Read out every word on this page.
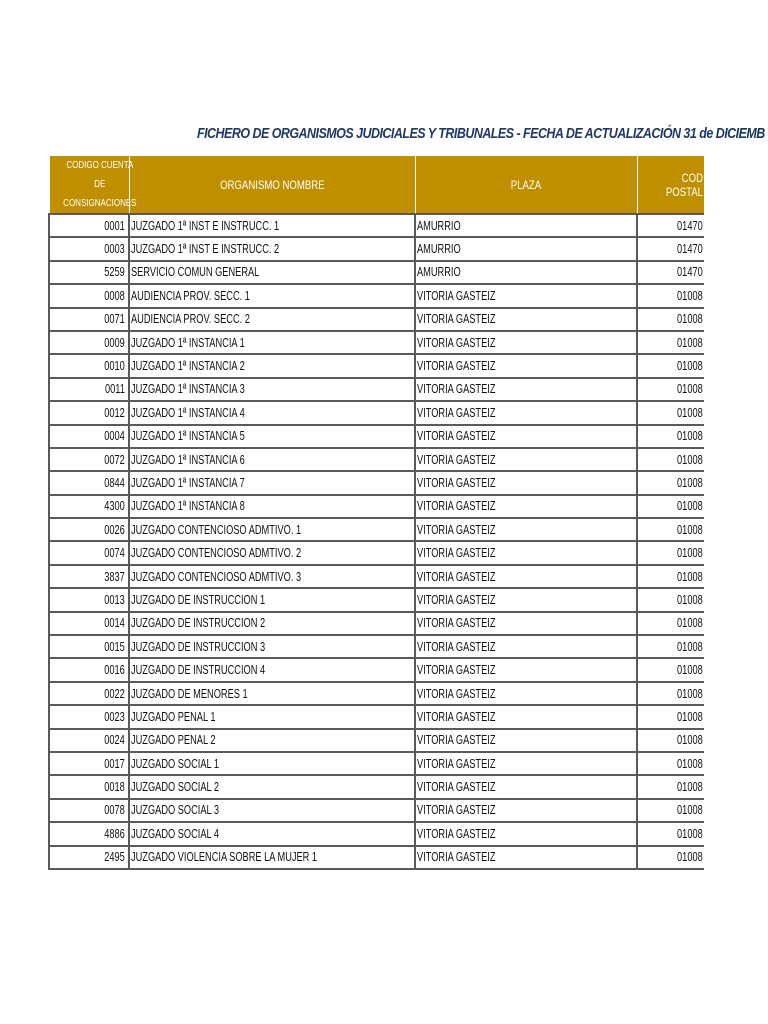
FICHERO DE ORGANISMOS JUDICIALES Y TRIBUNALES - FECHA DE ACTUALIZACIÓN 31 de DICIEMB
CODIGO CUENTA DE CONSIGNACIONES	ORGANISMO NOMBRE	PLAZA	COD POSTAL
0001	JUZGADO 1ª INST E INSTRUCC. 1	AMURRIO	01470
0003	JUZGADO 1ª INST E INSTRUCC. 2	AMURRIO	01470
5259	SERVICIO COMUN GENERAL	AMURRIO	01470
0008	AUDIENCIA PROV. SECC. 1	VITORIA GASTEIZ	01008
0071	AUDIENCIA PROV. SECC. 2	VITORIA GASTEIZ	01008
0009	JUZGADO 1ª INSTANCIA 1	VITORIA GASTEIZ	01008
0010	JUZGADO 1ª INSTANCIA 2	VITORIA GASTEIZ	01008
0011	JUZGADO 1ª INSTANCIA 3	VITORIA GASTEIZ	01008
0012	JUZGADO 1ª INSTANCIA 4	VITORIA GASTEIZ	01008
0004	JUZGADO 1ª INSTANCIA 5	VITORIA GASTEIZ	01008
0072	JUZGADO 1ª INSTANCIA 6	VITORIA GASTEIZ	01008
0844	JUZGADO 1ª INSTANCIA 7	VITORIA GASTEIZ	01008
4300	JUZGADO 1ª INSTANCIA 8	VITORIA GASTEIZ	01008
0026	JUZGADO CONTENCIOSO ADMTIVO. 1	VITORIA GASTEIZ	01008
0074	JUZGADO CONTENCIOSO ADMTIVO. 2	VITORIA GASTEIZ	01008
3837	JUZGADO CONTENCIOSO ADMTIVO. 3	VITORIA GASTEIZ	01008
0013	JUZGADO DE INSTRUCCION 1	VITORIA GASTEIZ	01008
0014	JUZGADO DE INSTRUCCION 2	VITORIA GASTEIZ	01008
0015	JUZGADO DE INSTRUCCION 3	VITORIA GASTEIZ	01008
0016	JUZGADO DE INSTRUCCION 4	VITORIA GASTEIZ	01008
0022	JUZGADO DE MENORES 1	VITORIA GASTEIZ	01008
0023	JUZGADO PENAL 1	VITORIA GASTEIZ	01008
0024	JUZGADO PENAL 2	VITORIA GASTEIZ	01008
0017	JUZGADO SOCIAL 1	VITORIA GASTEIZ	01008
0018	JUZGADO SOCIAL 2	VITORIA GASTEIZ	01008
0078	JUZGADO SOCIAL 3	VITORIA GASTEIZ	01008
4886	JUZGADO SOCIAL 4	VITORIA GASTEIZ	01008
2495	JUZGADO VIOLENCIA SOBRE LA MUJER 1	VITORIA GASTEIZ	01008
